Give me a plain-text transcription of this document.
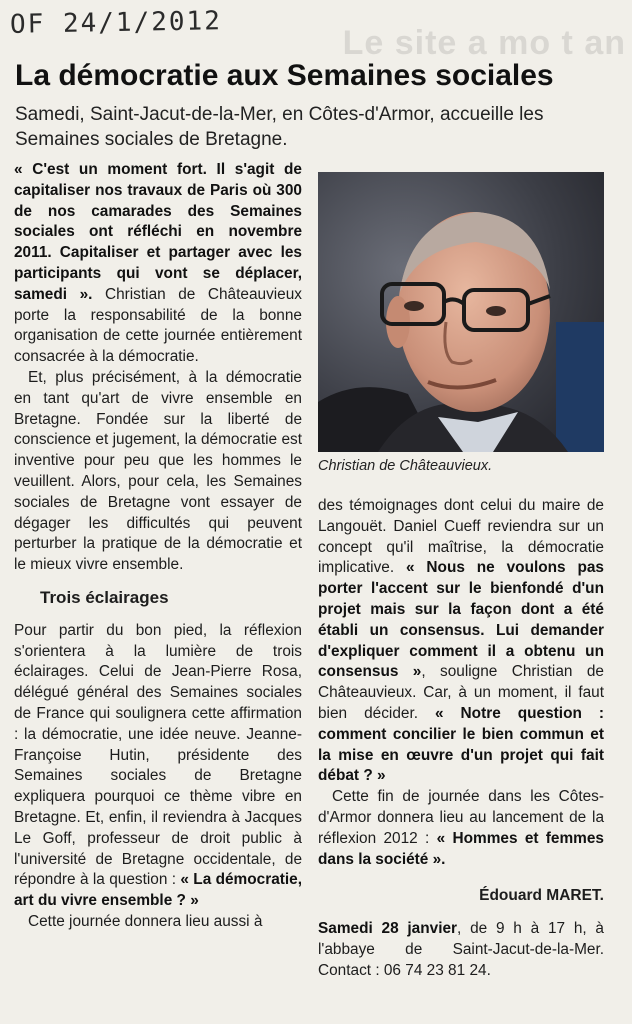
OF 24/1/2012
Le site a mo t an
La démocratie aux Semaines sociales

Samedi, Saint-Jacut-de-la-Mer, en Côtes-d'Armor, accueille les Semaines sociales de Bretagne.

« C'est un moment fort. Il s'agit de capitaliser nos travaux de Paris où 300 de nos camarades des Semaines sociales ont réfléchi en novembre 2011. Capitaliser et partager avec les participants qui vont se déplacer, samedi ». Christian de Châteauvieux porte la responsabilité de la bonne organisation de cette journée entièrement consacrée à la démocratie.

Et, plus précisément, à la démocratie en tant qu'art de vivre ensemble en Bretagne. Fondée sur la liberté de conscience et jugement, la démocratie est inventive pour peu que les hommes le veuillent. Alors, pour cela, les Semaines sociales de Bretagne vont essayer de dégager les difficultés qui peuvent perturber la pratique de la démocratie et le mieux vivre ensemble.

Trois éclairages

Pour partir du bon pied, la réflexion s'orientera à la lumière de trois éclairages. Celui de Jean-Pierre Rosa, délégué général des Semaines sociales de France qui soulignera cette affirmation : la démocratie, une idée neuve. Jeanne-Françoise Hutin, présidente des Semaines sociales de Bretagne expliquera pourquoi ce thème vibre en Bretagne. Et, enfin, il reviendra à Jacques Le Goff, professeur de droit public à l'université de Bretagne occidentale, de répondre à la question : « La démocratie, art du vivre ensemble ? »

Cette journée donnera lieu aussi à

Christian de Châteauvieux.

des témoignages dont celui du maire de Langouët. Daniel Cueff reviendra sur un concept qu'il maîtrise, la démocratie implicative. « Nous ne voulons pas porter l'accent sur le bienfondé d'un projet mais sur la façon dont a été établi un consensus. Lui demander d'expliquer comment il a obtenu un consensus », souligne Christian de Châteauvieux. Car, à un moment, il faut bien décider. « Notre question : comment concilier le bien commun et la mise en œuvre d'un projet qui fait débat ? »

Cette fin de journée dans les Côtes-d'Armor donnera lieu au lancement de la réflexion 2012 : « Hommes et femmes dans la société ».

Édouard MARET.

Samedi 28 janvier, de 9 h à 17 h, à l'abbaye de Saint-Jacut-de-la-Mer. Contact : 06 74 23 81 24.
